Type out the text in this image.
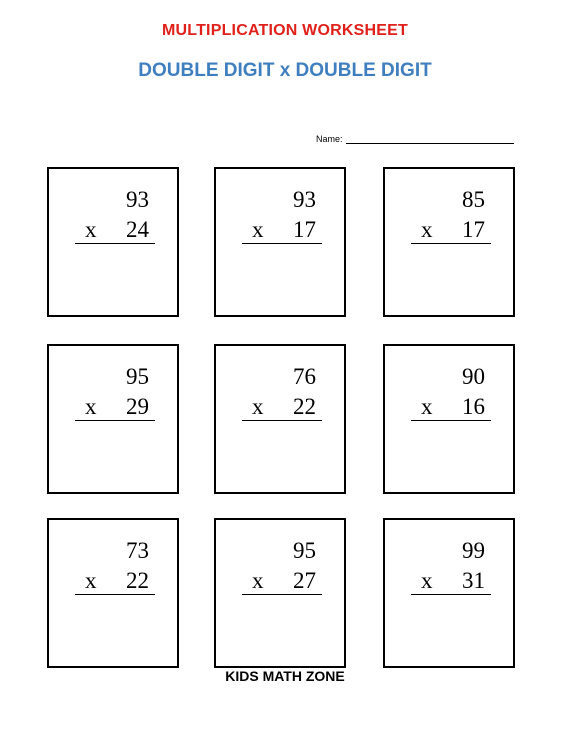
MULTIPLICATION WORKSHEET
DOUBLE DIGIT x DOUBLE DIGIT
Name:
93
x 24
93
x 17
85
x 17
95
x 29
76
x 22
90
x 16
73
x 22
95
x 27
99
x 31
KIDS MATH ZONE
